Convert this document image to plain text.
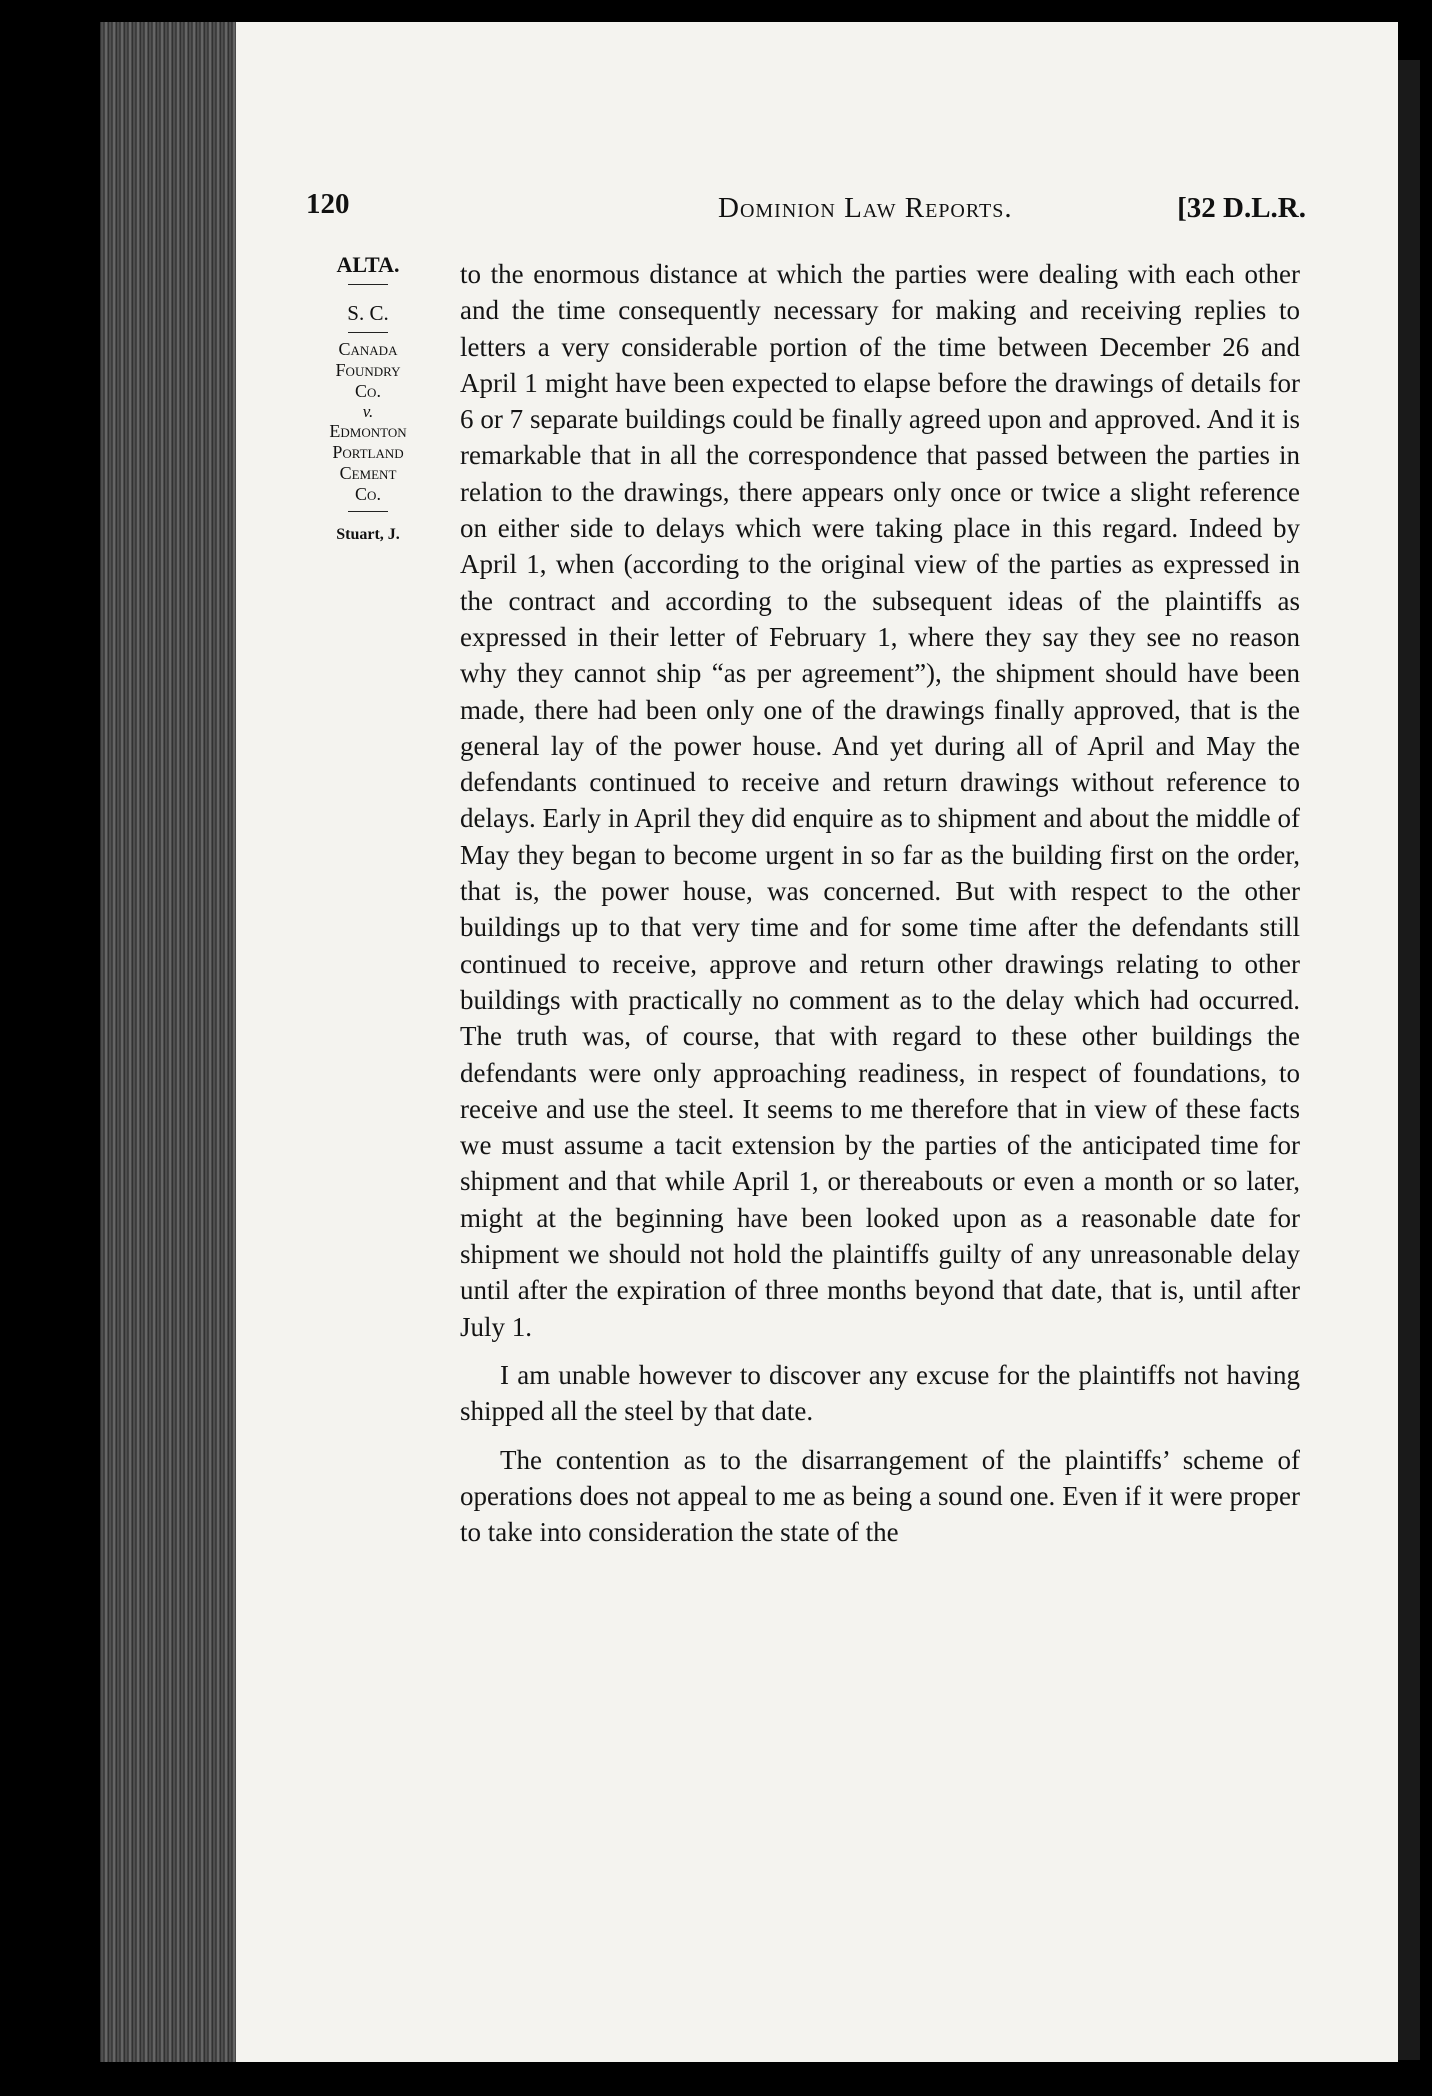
120	Dominion Law Reports.	[32 D.L.R.
ALTA.
S. C.
Canada
Foundry
Co.
v.
Edmonton
Portland
Cement
Co.
Stuart, J.

to the enormous distance at which the parties were dealing with each other and the time consequently necessary for making and receiving replies to letters a very considerable portion of the time between December 26 and April 1 might have been expected to elapse before the drawings of details for 6 or 7 separate buildings could be finally agreed upon and approved. And it is remarkable that in all the correspondence that passed between the parties in relation to the drawings, there appears only once or twice a slight reference on either side to delays which were taking place in this regard. Indeed by April 1, when (according to the original view of the parties as expressed in the contract and according to the subsequent ideas of the plaintiffs as expressed in their letter of February 1, where they say they see no reason why they cannot ship “as per agreement”), the shipment should have been made, there had been only one of the drawings finally approved, that is the general lay of the power house. And yet during all of April and May the defendants continued to receive and return drawings without reference to delays. Early in April they did enquire as to shipment and about the middle of May they began to become urgent in so far as the building first on the order, that is, the power house, was concerned. But with respect to the other buildings up to that very time and for some time after the defendants still continued to receive, approve and return other drawings relating to other buildings with practically no comment as to the delay which had occurred. The truth was, of course, that with regard to these other buildings the defendants were only approaching readiness, in respect of foundations, to receive and use the steel. It seems to me therefore that in view of these facts we must assume a tacit extension by the parties of the anticipated time for shipment and that while April 1, or thereabouts or even a month or so later, might at the beginning have been looked upon as a reasonable date for shipment we should not hold the plaintiffs guilty of any unreasonable delay until after the expiration of three months beyond that date, that is, until after July 1.

I am unable however to discover any excuse for the plaintiffs not having shipped all the steel by that date.

The contention as to the disarrangement of the plaintiffs’ scheme of operations does not appeal to me as being a sound one. Even if it were proper to take into consideration the state of the
